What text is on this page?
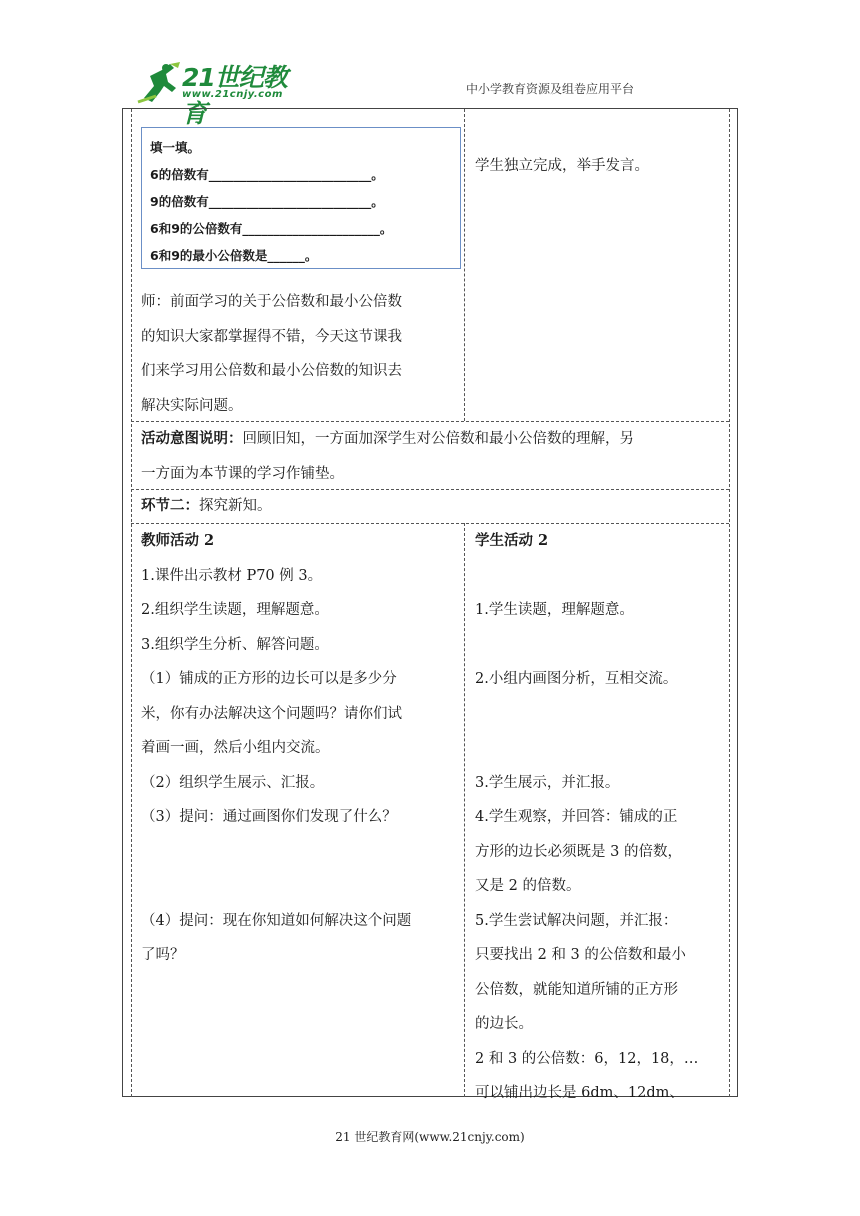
21世纪教育
www.21cnjy.com	中小学教育资源及组卷应用平台
填一填。
6的倍数有__________________________。
9的倍数有__________________________。
6和9的公倍数有______________________。
6和9的最小公倍数是______。
师：前面学习的关于公倍数和最小公倍数
的知识大家都掌握得不错，今天这节课我
们来学习用公倍数和最小公倍数的知识去
解决实际问题。
学生独立完成，举手发言。
活动意图说明：回顾旧知，一方面加深学生对公倍数和最小公倍数的理解，另
一方面为本节课的学习作铺垫。
环节二：探究新知。
教师活动 2
1.课件出示教材 P70 例 3。
2.组织学生读题，理解题意。
3.组织学生分析、解答问题。
（1）铺成的正方形的边长可以是多少分
米，你有办法解决这个问题吗？请你们试
着画一画，然后小组内交流。
（2）组织学生展示、汇报。
（3）提问：通过画图你们发现了什么？
（4）提问：现在你知道如何解决这个问题
了吗？
学生活动 2
1.学生读题，理解题意。
2.小组内画图分析，互相交流。
3.学生展示，并汇报。
4.学生观察，并回答：铺成的正
方形的边长必须既是 3 的倍数，
又是 2 的倍数。
5.学生尝试解决问题，并汇报：
只要找出 2 和 3 的公倍数和最小
公倍数，就能知道所铺的正方形
的边长。
2 和 3 的公倍数：6，12，18，…
可以铺出边长是 6dm、12dm、
21 世纪教育网(www.21cnjy.com)
